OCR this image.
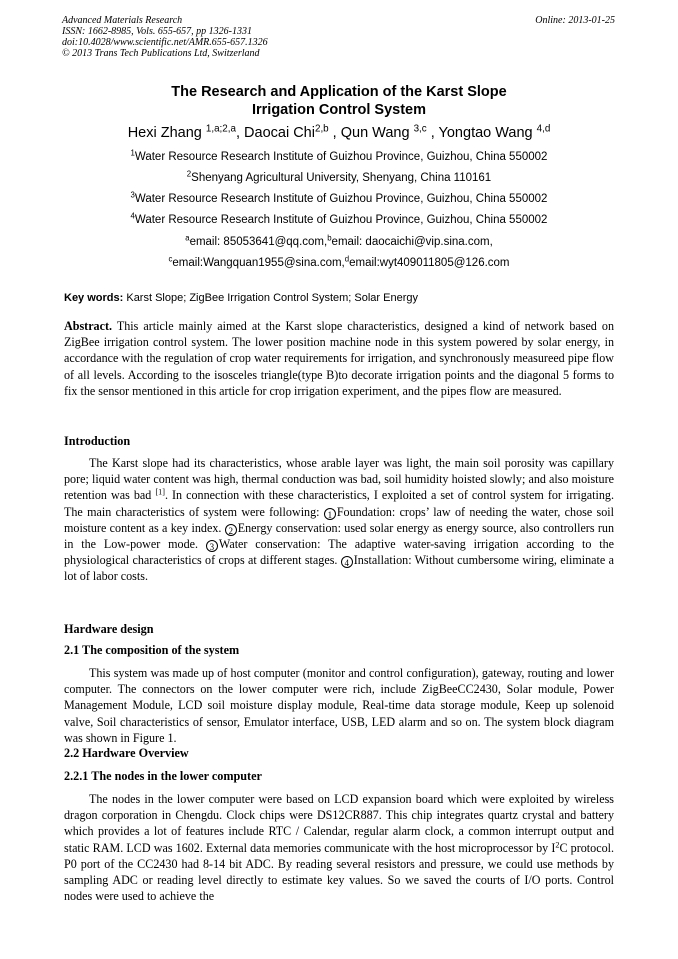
Advanced Materials Research
ISSN: 1662-8985, Vols. 655-657, pp 1326-1331
doi:10.4028/www.scientific.net/AMR.655-657.1326
© 2013 Trans Tech Publications Ltd, Switzerland
Online: 2013-01-25
The Research and Application of the Karst Slope
Irrigation Control System
Hexi Zhang $^{1,a;2,a}$, Daocai Chi$^{2,b}$ , Qun Wang $^{3,c}$ , Yongtao Wang $^{4,d}$
$^1$Water Resource Research Institute of Guizhou Province, Guizhou, China 550002
$^2$Shenyang Agricultural University, Shenyang, China 110161
$^3$Water Resource Research Institute of Guizhou Province, Guizhou, China 550002
$^4$Water Resource Research Institute of Guizhou Province, Guizhou, China 550002
$^a$email: 85053641@qq.com,$^b$email: daocaichi@vip.sina.com,
$^c$email:Wangquan1955@sina.com,$^d$email:wyt409011805@126.com
Key words: Karst Slope; ZigBee Irrigation Control System; Solar Energy

Abstract. This article mainly aimed at the Karst slope characteristics, designed a kind of network based on ZigBee irrigation control system. The lower position machine node in this system powered by solar energy, in accordance with the regulation of crop water requirements for irrigation, and synchronously measureed pipe flow of all levels. According to the isosceles triangle(type B)to decorate irrigation points and the diagonal 5 forms to fix the sensor mentioned in this article for crop irrigation experiment, and the pipes flow are measured.

Introduction

The Karst slope had its characteristics, whose arable layer was light, the main soil porosity was capillary pore; liquid water content was high, thermal conduction was bad, soil humidity hoisted slowly; and also moisture retention was bad [1]. In connection with these characteristics, I exploited a set of control system for irrigating. The main characteristics of system were following: 1 Foundation: crops’ law of needing the water, chose soil moisture content as a key index. 2 Energy conservation: used solar energy as energy source, also controllers run in the Low-power mode. 3 Water conservation: The adaptive water-saving irrigation according to the physiological characteristics of crops at different stages. 4 Installation: Without cumbersome wiring, eliminate a lot of labor costs.

Hardware design
2.1 The composition of the system

This system was made up of host computer (monitor and control configuration), gateway, routing and lower computer. The connectors on the lower computer were rich, include ZigBeeCC2430, Solar module, Power Management Module, LCD soil moisture display module, Real-time data storage module, Keep up solenoid valve, Soil characteristics of sensor, Emulator interface, USB, LED alarm and so on. The system block diagram was shown in Figure 1.

2.2 Hardware Overview
2.2.1 The nodes in the lower computer

The nodes in the lower computer were based on LCD expansion board which were exploited by wireless dragon corporation in Chengdu. Clock chips were DS12CR887. This chip integrates quartz crystal and battery which provides a lot of features include RTC / Calendar, regular alarm clock, a common interrupt output and static RAM. LCD was 1602. External data memories communicate with the host microprocessor by $I^2C$ protocol. P0 port of the CC2430 had 8-14 bit ADC. By reading several resistors and pressure, we could use methods by sampling ADC or reading level directly to estimate key values. So we saved the courts of I/O ports. Control nodes were used to achieve the
